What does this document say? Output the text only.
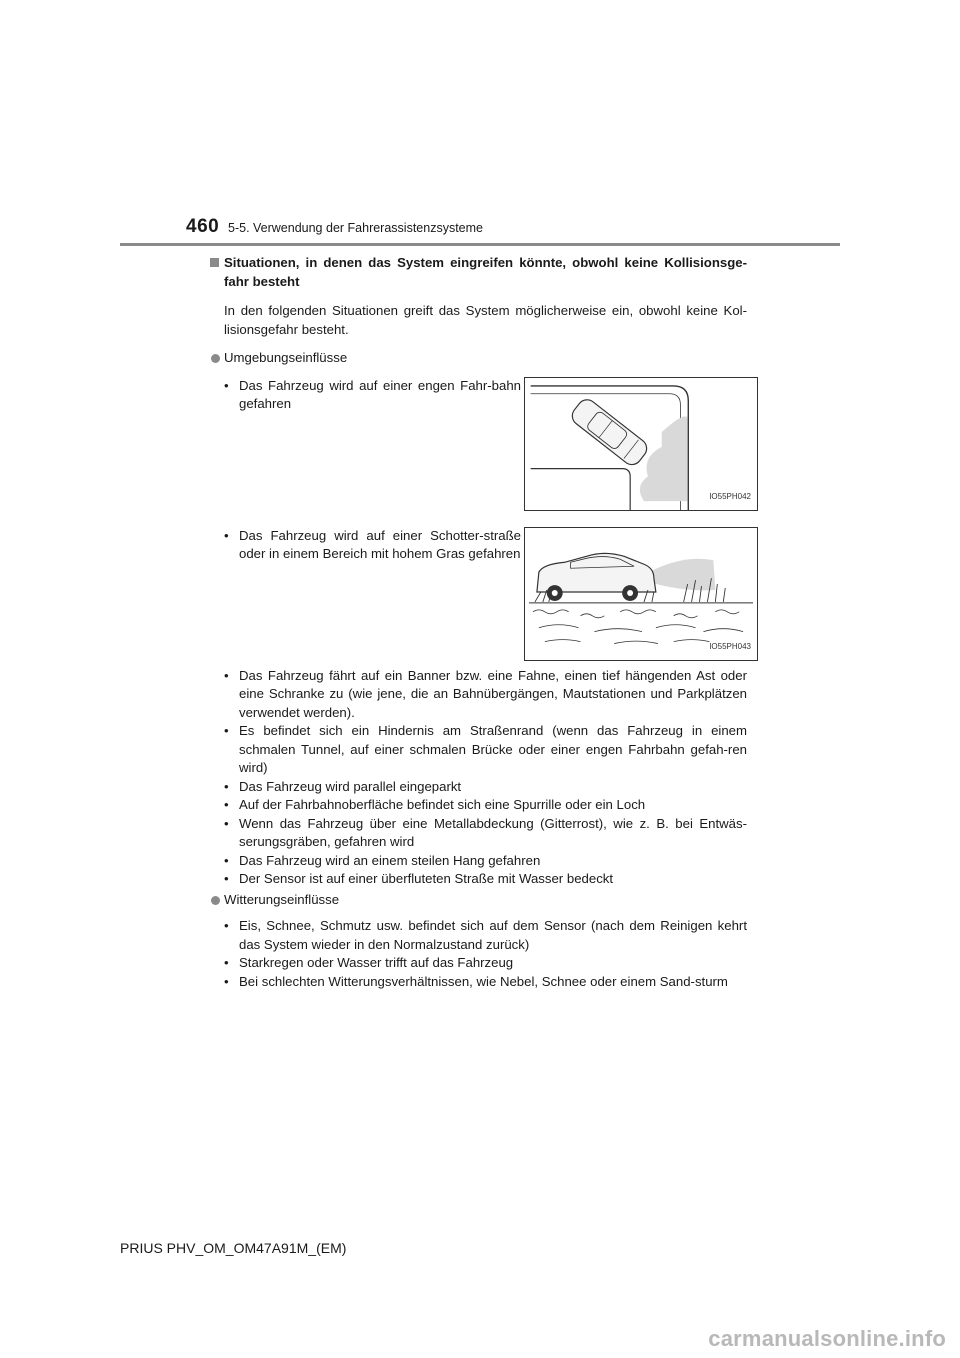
460 5-5. Verwendung der Fahrerassistenzsysteme
Situationen, in denen das System eingreifen könnte, obwohl keine Kollisionsge-fahr besteht
In den folgenden Situationen greift das System möglicherweise ein, obwohl keine Kol-lisionsgefahr besteht.
Umgebungseinflüsse
• Das Fahrzeug wird auf einer engen Fahr-bahn gefahren
IO55PH042
• Das Fahrzeug wird auf einer Schotter-straße oder in einem Bereich mit hohem Gras gefahren
IO55PH043
• Das Fahrzeug fährt auf ein Banner bzw. eine Fahne, einen tief hängenden Ast oder eine Schranke zu (wie jene, die an Bahnübergängen, Mautstationen und Parkplätzen verwendet werden).
• Es befindet sich ein Hindernis am Straßenrand (wenn das Fahrzeug in einem schmalen Tunnel, auf einer schmalen Brücke oder einer engen Fahrbahn gefah-ren wird)
• Das Fahrzeug wird parallel eingeparkt
• Auf der Fahrbahnoberfläche befindet sich eine Spurrille oder ein Loch
• Wenn das Fahrzeug über eine Metallabdeckung (Gitterrost), wie z. B. bei Entwäs-serungsgräben, gefahren wird
• Das Fahrzeug wird an einem steilen Hang gefahren
• Der Sensor ist auf einer überfluteten Straße mit Wasser bedeckt
Witterungseinflüsse
• Eis, Schnee, Schmutz usw. befindet sich auf dem Sensor (nach dem Reinigen kehrt das System wieder in den Normalzustand zurück)
• Starkregen oder Wasser trifft auf das Fahrzeug
• Bei schlechten Witterungsverhältnissen, wie Nebel, Schnee oder einem Sand-sturm
PRIUS PHV_OM_OM47A91M_(EM)
carmanualsonline.info
